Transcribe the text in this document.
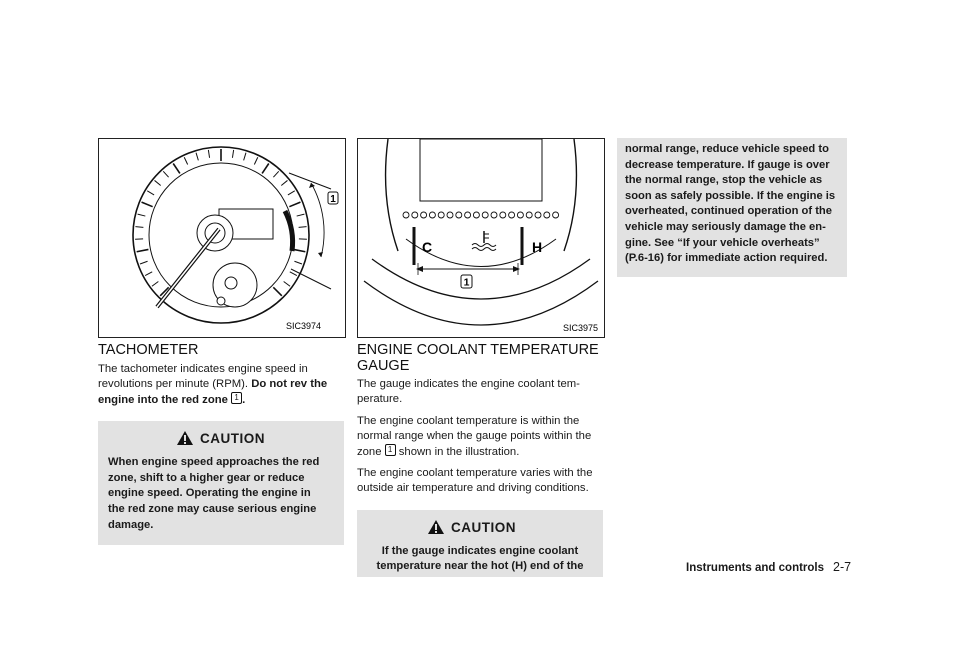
1
SIC3974
TACHOMETER

The tachometer indicates engine speed in revolutions per minute (RPM). Do not rev the engine into the red zone 1 .

CAUTION
When engine speed approaches the red
zone, shift to a higher gear or reduce
engine speed. Operating the engine in
the red zone may cause serious engine
damage.
C	H
1
SIC3975
ENGINE COOLANT TEMPERATURE
GAUGE

The gauge indicates the engine coolant tem-
perature.

The engine coolant temperature is within the
normal range when the gauge points within the
zone 1 shown in the illustration.

The engine coolant temperature varies with the
outside air temperature and driving conditions.

CAUTION
If the gauge indicates engine coolant
temperature near the hot (H) end of the
normal range, reduce vehicle speed to
decrease temperature. If gauge is over
the normal range, stop the vehicle as
soon as safely possible. If the engine is
overheated, continued operation of the
vehicle may seriously damage the en-
gine. See “If your vehicle overheats”
(P.6-16) for immediate action required.
Instruments and controls 2-7
